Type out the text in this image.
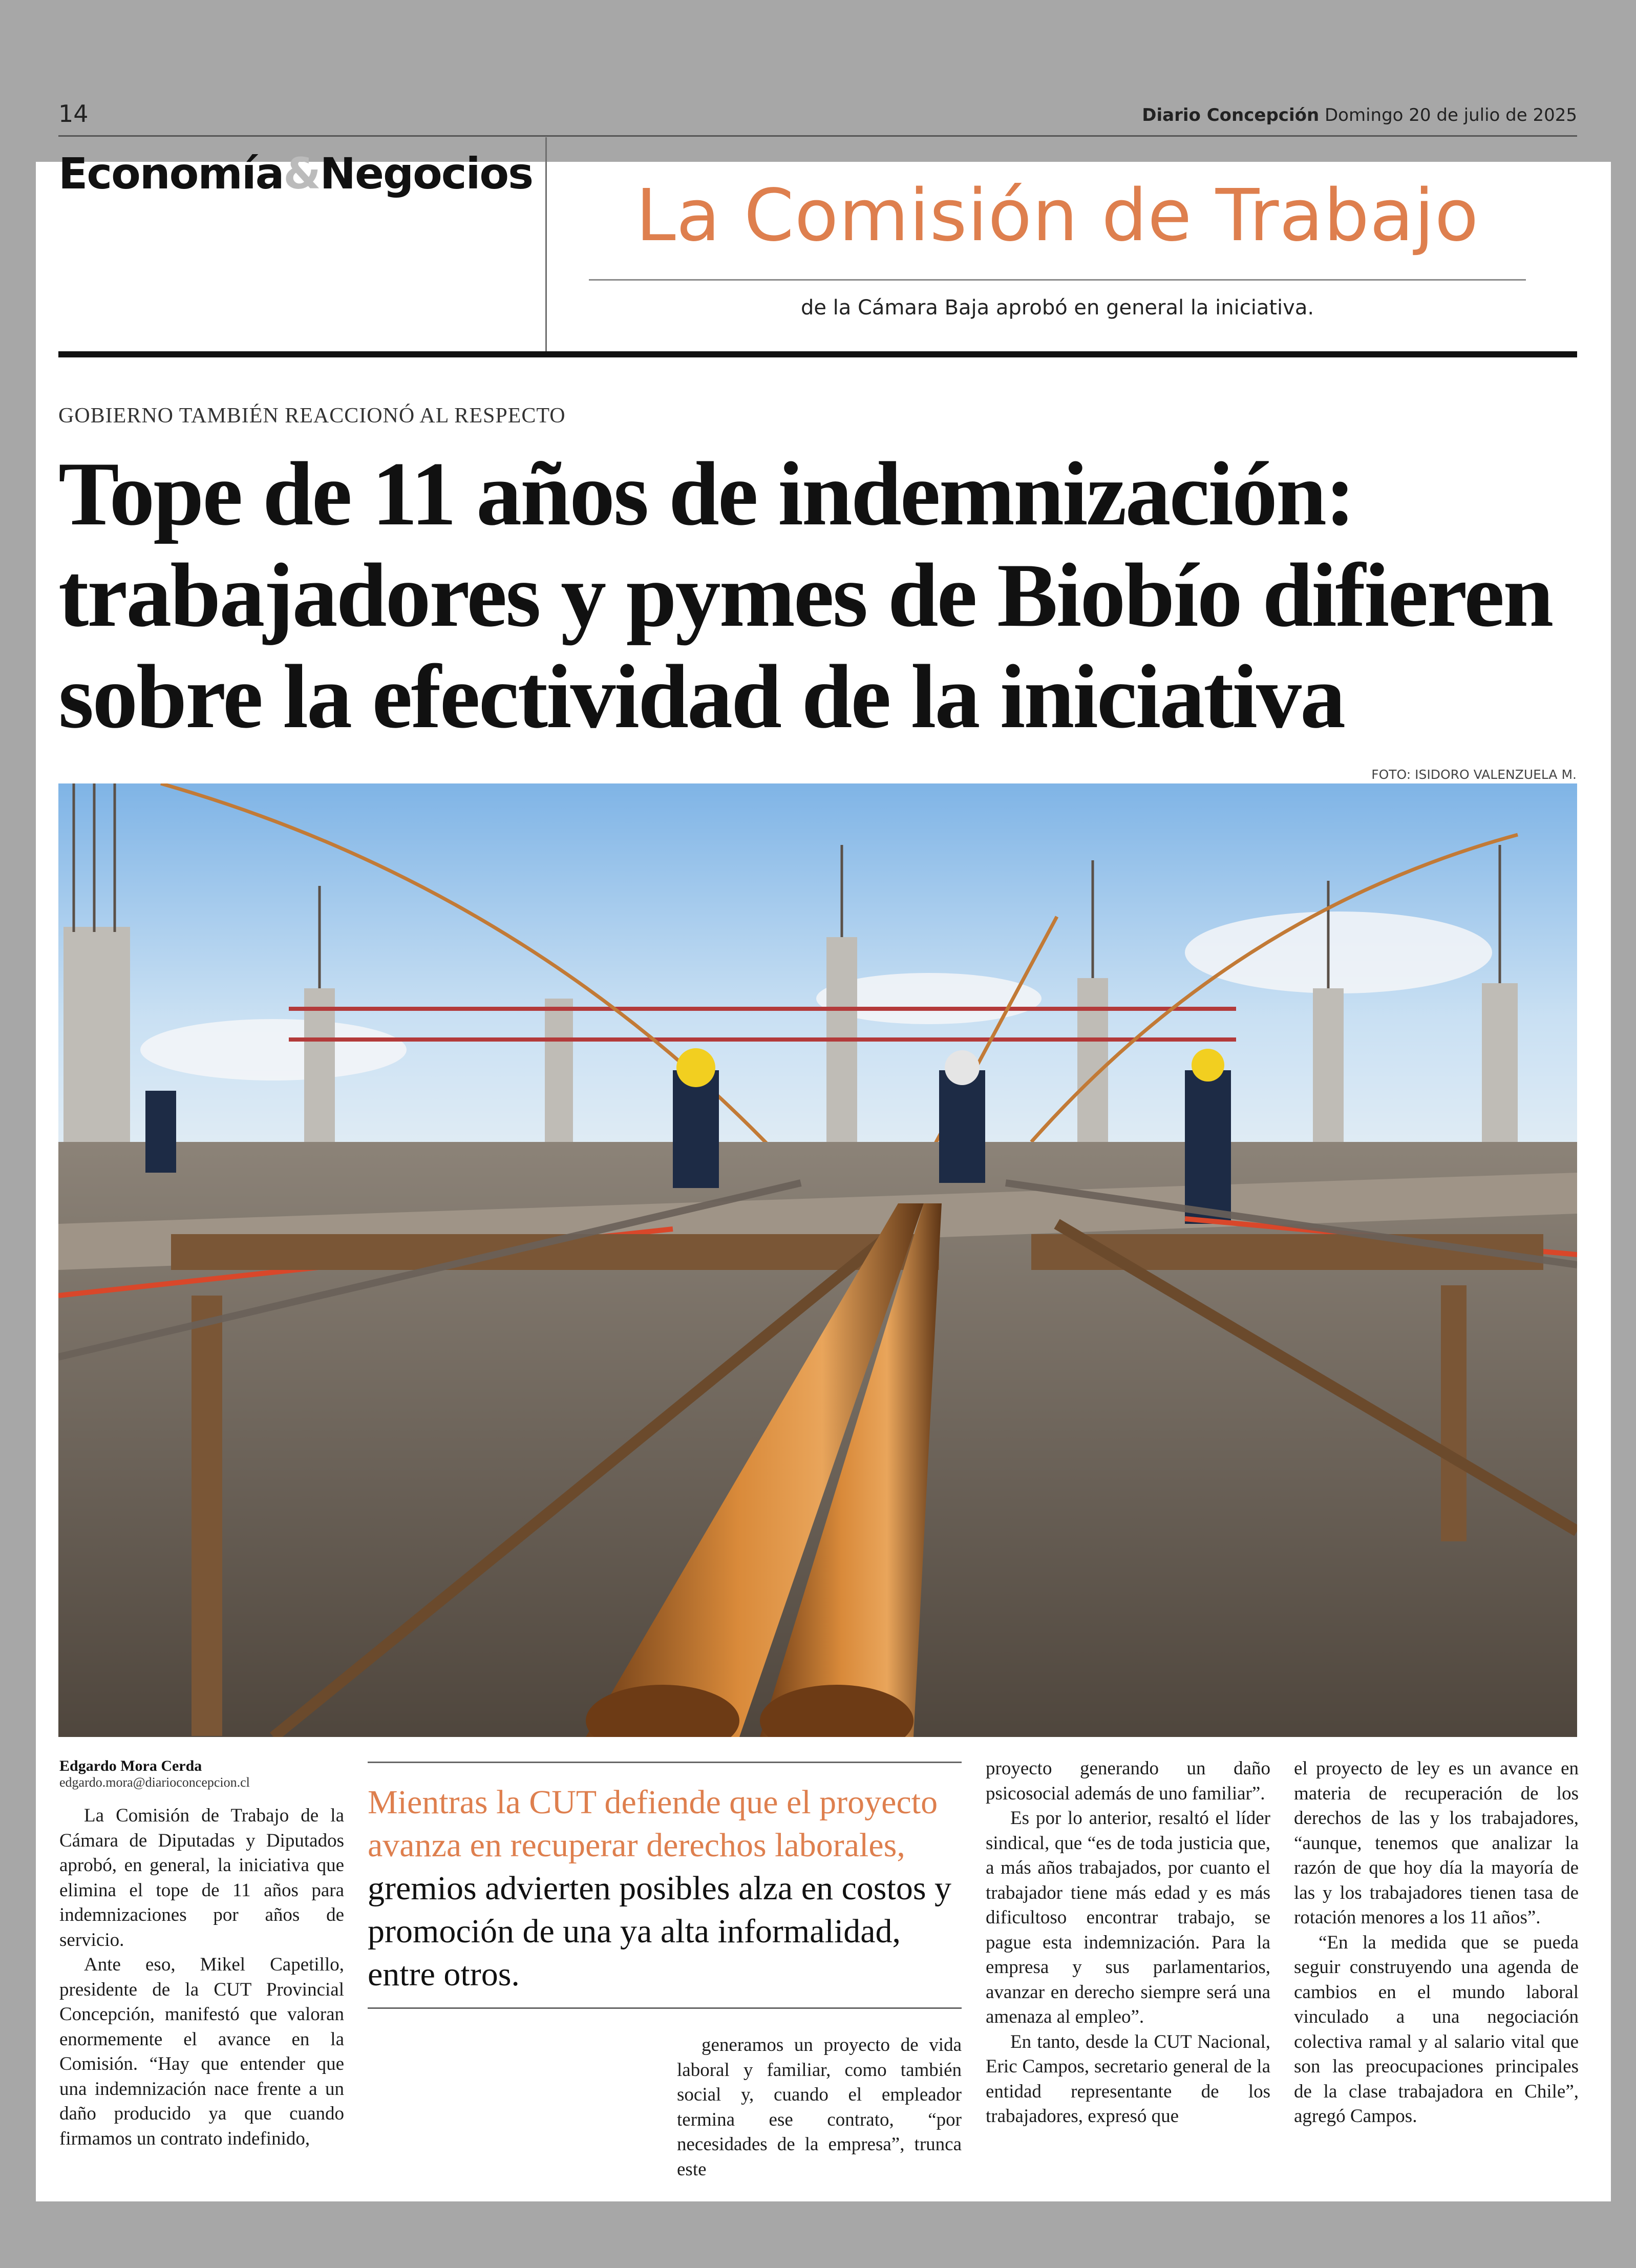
14	Diario Concepción Domingo 20 de julio de 2025
Economía&Negocios
La Comisión de Trabajo
de la Cámara Baja aprobó en general la iniciativa.
GOBIERNO TAMBIÉN REACCIONÓ AL RESPECTO
Tope de 11 años de indemnización:
trabajadores y pymes de Biobío difieren
sobre la efectividad de la iniciativa
FOTO: ISIDORO VALENZUELA M.
Edgardo Mora Cerda
edgardo.mora@diarioconcepcion.cl

La Comisión de Trabajo de la Cámara de Diputadas y Diputados aprobó, en general, la iniciativa que elimina el tope de 11 años para indemnizaciones por años de servicio.

Ante eso, Mikel Capetillo, presidente de la CUT Provincial Concepción, manifestó que valoran enormemente el avance en la Comisión. “Hay que entender que una indemnización nace frente a un daño producido ya que cuando firmamos un contrato indefinido,

Mientras la CUT defiende que el proyecto avanza en recuperar derechos laborales, gremios advierten posibles alza en costos y promoción de una ya alta informalidad, entre otros.

generamos un proyecto de vida laboral y familiar, como también social y, cuando el empleador termina ese contrato, “por necesidades de la empresa”, trunca este

proyecto generando un daño psicosocial además de uno familiar”.

Es por lo anterior, resaltó el líder sindical, que “es de toda justicia que, a más años trabajados, por cuanto el trabajador tiene más edad y es más dificultoso encontrar trabajo, se pague esta indemnización. Para la empresa y sus parlamentarios, avanzar en derecho siempre será una amenaza al empleo”.

En tanto, desde la CUT Nacional, Eric Campos, secretario general de la entidad representante de los trabajadores, expresó que

el proyecto de ley es un avance en materia de recuperación de los derechos de las y los trabajadores, “aunque, tenemos que analizar la razón de que hoy día la mayoría de las y los trabajadores tienen tasa de rotación menores a los 11 años”.

“En la medida que se pueda seguir construyendo una agenda de cambios en el mundo laboral vinculado a una negociación colectiva ramal y al salario vital que son las preocupaciones principales de la clase trabajadora en Chile”, agregó Campos.
